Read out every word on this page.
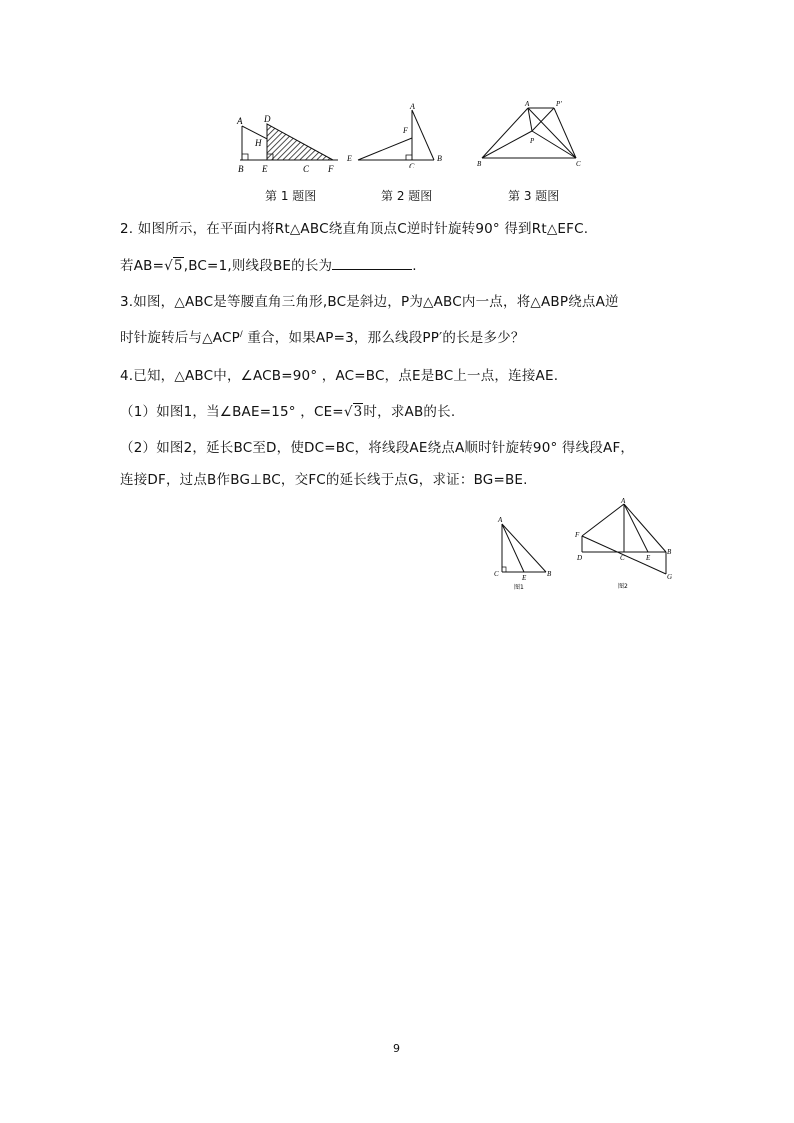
A D
H
B E	C F
第 1 题图
A
F
E
C
B
第 2 题图
A	P′
P
B	C
第 3 题图
2. 如图所示，在平面内将Rt△ABC绕直角顶点C逆时针旋转90° 得到Rt△EFC.
若AB=√5,BC=1,则线段BE的长为	.
3.如图，△ABC是等腰直角三角形,BC是斜边，P为△ABC内一点，将△ABP绕点A逆
时针旋转后与△ACP/ 重合，如果AP=3，那么线段PP′的长是多少？
4.已知，△ABC中，∠ACB=90° ，AC=BC，点E是BC上一点，连接AE.
（1）如图1，当∠BAE=15° ，CE=√3时，求AB的长.
（2）如图2，延长BC至D，使DC=BC，将线段AE绕点A顺时针旋转90° 得线段AF，
连接DF，过点B作BG⊥BC，交FC的延长线于点G，求证：BG=BE.
A
C	E	B
图1
A
F
D	C	E
B
G
图2
9
